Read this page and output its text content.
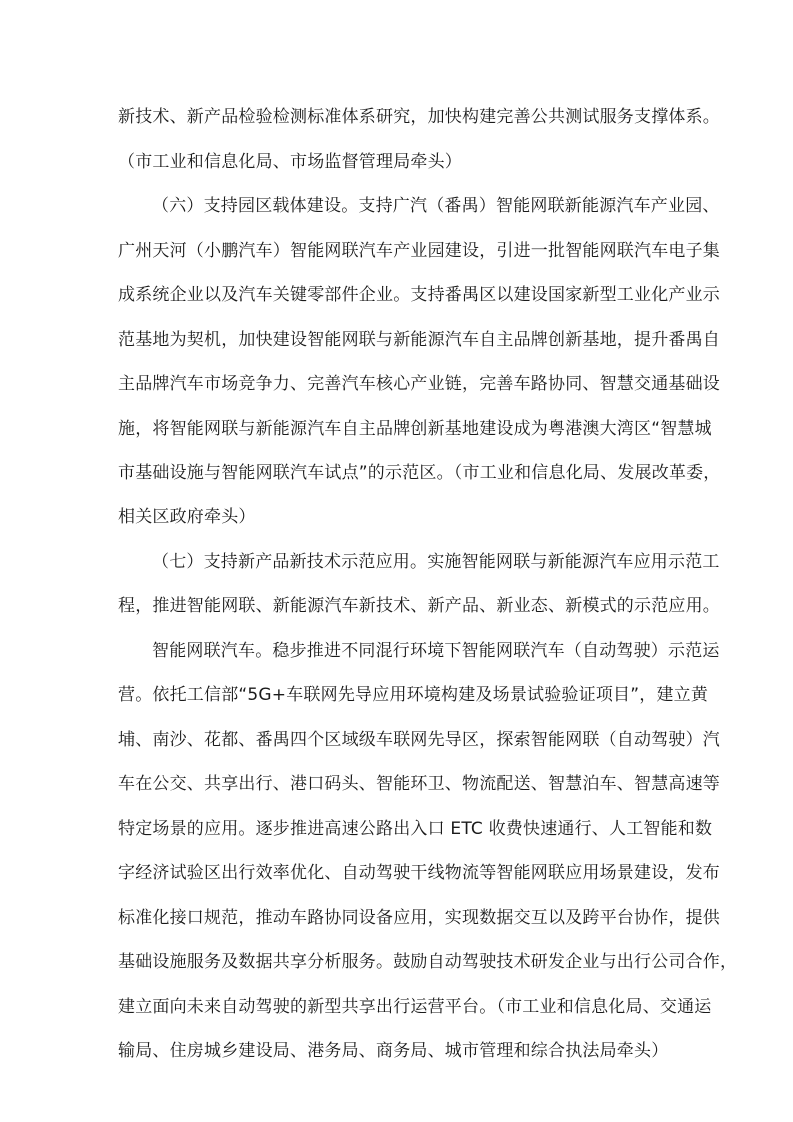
新技术、新产品检验检测标准体系研究，加快构建完善公共测试服务支撑体系。
（市工业和信息化局、市场监督管理局牵头）
（六）支持园区载体建设。支持广汽（番禺）智能网联新能源汽车产业园、
广州天河（小鹏汽车）智能网联汽车产业园建设，引进一批智能网联汽车电子集
成系统企业以及汽车关键零部件企业。支持番禺区以建设国家新型工业化产业示
范基地为契机，加快建设智能网联与新能源汽车自主品牌创新基地，提升番禺自
主品牌汽车市场竞争力、完善汽车核心产业链，完善车路协同、智慧交通基础设
施，将智能网联与新能源汽车自主品牌创新基地建设成为粤港澳大湾区“智慧城
市基础设施与智能网联汽车试点”的示范区。（市工业和信息化局、发展改革委，
相关区政府牵头）
（七）支持新产品新技术示范应用。实施智能网联与新能源汽车应用示范工
程，推进智能网联、新能源汽车新技术、新产品、新业态、新模式的示范应用。
智能网联汽车。稳步推进不同混行环境下智能网联汽车（自动驾驶）示范运
营。依托工信部“5G+车联网先导应用环境构建及场景试验验证项目”，建立黄
埔、南沙、花都、番禺四个区域级车联网先导区，探索智能网联（自动驾驶）汽
车在公交、共享出行、港口码头、智能环卫、物流配送、智慧泊车、智慧高速等
特定场景的应用。逐步推进高速公路出入口 ETC 收费快速通行、人工智能和数
字经济试验区出行效率优化、自动驾驶干线物流等智能网联应用场景建设，发布
标准化接口规范，推动车路协同设备应用，实现数据交互以及跨平台协作，提供
基础设施服务及数据共享分析服务。鼓励自动驾驶技术研发企业与出行公司合作，
建立面向未来自动驾驶的新型共享出行运营平台。（市工业和信息化局、交通运
输局、住房城乡建设局、港务局、商务局、城市管理和综合执法局牵头）
